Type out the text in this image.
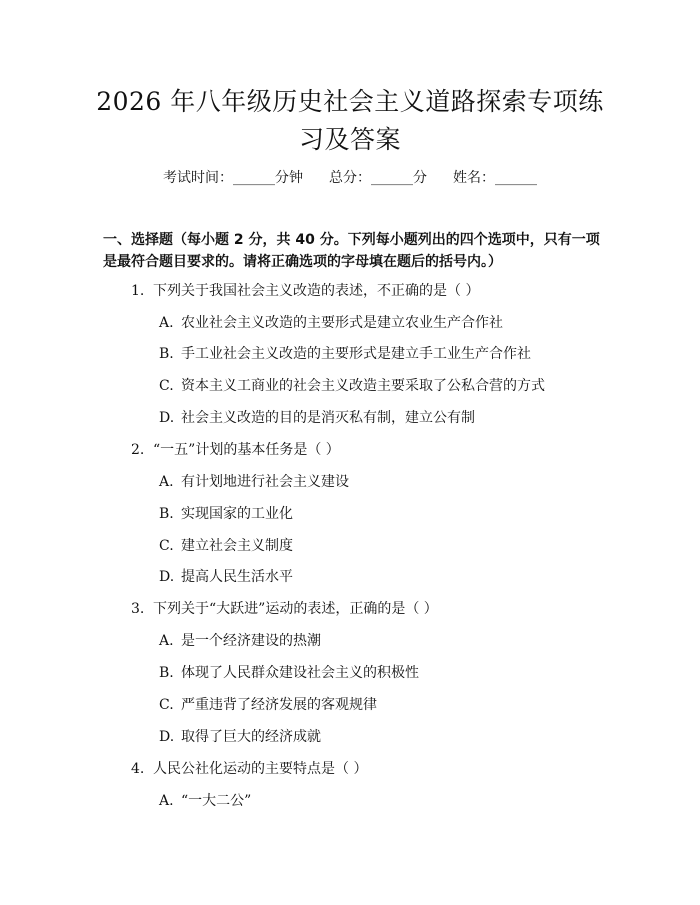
2026 年八年级历史社会主义道路探索专项练
习及答案
考试时间：______分钟 总分：______分 姓名：______
一、选择题（每小题 2 分，共 40 分。下列每小题列出的四个选项中，只有一项是最符合题目要求的。请将正确选项的字母填在题后的括号内。）
1. 下列关于我国社会主义改造的表述，不正确的是（ ）
A. 农业社会主义改造的主要形式是建立农业生产合作社
B. 手工业社会主义改造的主要形式是建立手工业生产合作社
C. 资本主义工商业的社会主义改造主要采取了公私合营的方式
D. 社会主义改造的目的是消灭私有制，建立公有制
2. “一五”计划的基本任务是（ ）
A. 有计划地进行社会主义建设
B. 实现国家的工业化
C. 建立社会主义制度
D. 提高人民生活水平
3. 下列关于“大跃进”运动的表述，正确的是（ ）
A. 是一个经济建设的热潮
B. 体现了人民群众建设社会主义的积极性
C. 严重违背了经济发展的客观规律
D. 取得了巨大的经济成就
4. 人民公社化运动的主要特点是（ ）
A. “一大二公”
